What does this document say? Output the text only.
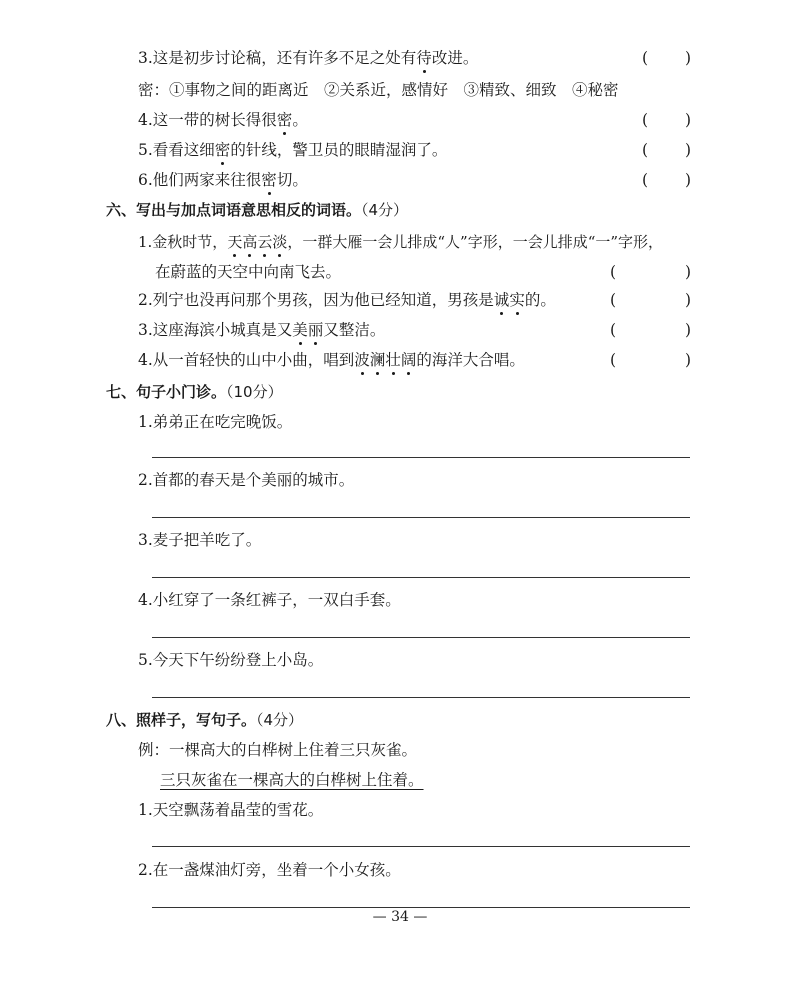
3.这是初步讨论稿，还有许多不足之处有待改进。	( )
密：①事物之间的距离近　②关系近，感情好　③精致、细致　④秘密
4.这一带的树长得很密。	( )
5.看看这细密的针线，警卫员的眼睛湿润了。	( )
6.他们两家来往很密切。	( )
六、写出与加点词语意思相反的词语。（4分）
1.金秋时节，天高云淡，一群大雁一会儿排成“人”字形，一会儿排成“一”字形，
在蔚蓝的天空中向南飞去。	(	)
2.列宁也没再问那个男孩，因为他已经知道，男孩是诚实的。	(	)
3.这座海滨小城真是又美丽又整洁。	(	)
4.从一首轻快的山中小曲，唱到波澜壮阔的海洋大合唱。	(	)
七、句子小门诊。（10分）
1.弟弟正在吃完晚饭。
2.首都的春天是个美丽的城市。
3.麦子把羊吃了。
4.小红穿了一条红裤子，一双白手套。
5.今天下午纷纷登上小岛。
八、照样子，写句子。（4分）
例：一棵高大的白桦树上住着三只灰雀。
三只灰雀在一棵高大的白桦树上住着。
1.天空飘荡着晶莹的雪花。
2.在一盏煤油灯旁，坐着一个小女孩。
— 34 —
